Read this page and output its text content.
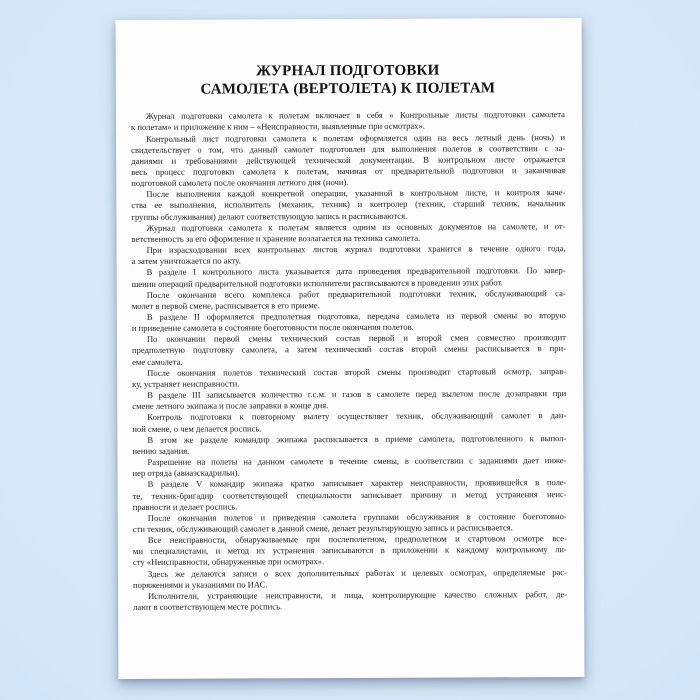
ЖУРНАЛ ПОДГОТОВКИ
САМОЛЕТА (ВЕРТОЛЕТА) К ПОЛЕТАМ
Журнал подготовки самолета к полетам включает в себя « Контрольные листы подготовки самолета
к полетам» и приложение к ним – «Неисправности, выявленные при осмотрах».
Контрольный лист подготовки самолета к полетам оформляется один на весь летный день (ночь) и
свидетельствует о том, что данный самолет подготовлен для выполнения полетов в соответствии с за-
даниями и требованиями действующей технической документации. В контрольном листе отражается
весь процесс подготовки самолета к полетам, начиная от предварительной подготовки и заканчивая
подготовкой самолета после окончания летного дня (ночи).
После выполнения каждой конкретной операции, указанной в контрольном листе, и контроля каче-
ства ее выполнения, исполнитель (механик, техник) и контролер (техник, старший техник, начальник
группы обслуживания) делают соответствующую запись и расписываются.
Журнал подготовки самолета к полетам является одним из основных документов на самолете, и от-
ветственность за его оформление и хранение возлагается на техника самолета.
При израсходовании всех контрольных листов журнал подготовки хранится в течение одного года,
а затем уничтожается по акту.
В разделе I контрольного листа указывается дата проведения предварительной подготовки. По завер-
шении операций предварительной подготовки исполнители расписываются в проведении этих работ.
После окончания всего комплекса работ предварительной подготовки техник, обслуживающий са-
молет в первой смене, расписывается в его приеме.
В разделе II оформляется предполетная подготовка, передача самолета из первой смены во вторую
и приведение самолета в состояние боеготовности после окончания полетов.
По окончании первой смены технический состав первой и второй смен совместно производит
предполетную подготовку самолета, а затем технический состав второй смены расписывается в при-
еме самолета.
После окончания полетов технический состав второй смены производит стартовый осмотр, заправ-
ку, устраняет неисправности.
В разделе III записывается количество г.с.м. и газов в самолете перед вылетом после дозаправки при
смене летного экипажа и после заправки в конце дня.
Контроль подготовки к повторному вылету осуществляет техник, обслуживающий самолет в дан-
ной смене, о чем делается роспись.
В этом же разделе командир экипажа расписывается в приеме самолета, подготовленного к выпол-
нению задания.
Разрешение на полеты на данном самолете в течение смены, в соответствии с заданиями дает инже-
нер отряда (авиаэскадрильи).
В разделе V командир экипажа кратко записывает характер неисправности, проявившейся в поле-
те, техник-бригадир соответствующей специальности записывает причину и метод устранения неис-
правности и делает роспись.
После окончания полетов и приведения самолета группами обслуживания в состояние боеготовно-
сти техник, обслуживающий самолет в данной смене, делает результирующую запись и расписывается.
Все неисправности, обнаруживаемые при послеполетном, предполетном и стартовом осмотре все-
ми специалистами, и метод их устранения записываются в приложении к каждому контрольному ли-
сту «Неисправности, обнаруженные при осмотрах».
Здесь же делаются записи о всех дополнительных работах и целевых осмотрах, определяемые рас-
поряжениями и указаниями по ИАС.
Исполнители, устраняющие неисправности, и лица, контролирующие качество сложных работ, де-
лают в соответствующем месте роспись.
